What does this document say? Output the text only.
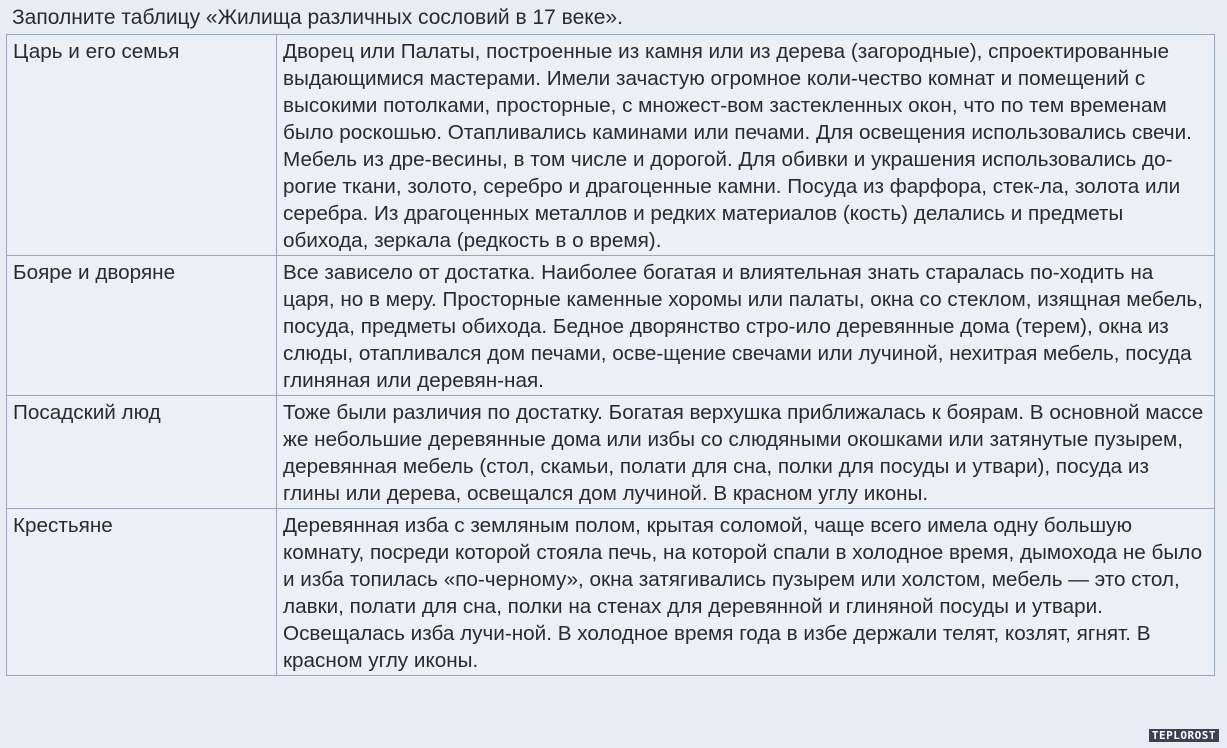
Заполните таблицу «Жилища различных сословий в 17 веке».
Царь и его семья	Дворец или Палаты, построенные из камня или из дерева (загородные), спроектированные выдающимися мастерами. Имели зачастую огромное коли-чество комнат и помещений с высокими потолками, просторные, с множест-вом застекленных окон, что по тем временам было роскошью. Отапливались каминами или печами. Для освещения использовались свечи. Мебель из дре-весины, в том числе и дорогой. Для обивки и украшения использовались до-рогие ткани, золото, серебро и драгоценные камни. Посуда из фарфора, стек-ла, золота или серебра. Из драгоценных металлов и редких материалов (кость) делались и предметы обихода, зеркала (редкость в о время).
Бояре и дворяне	Все зависело от достатка. Наиболее богатая и влиятельная знать старалась по-ходить на царя, но в меру. Просторные каменные хоромы или палаты, окна со стеклом, изящная мебель, посуда, предметы обихода. Бедное дворянство стро-ило деревянные дома (терем), окна из слюды, отапливался дом печами, осве-щение свечами или лучиной, нехитрая мебель, посуда глиняная или деревян-ная.
Посадский люд	Тоже были различия по достатку. Богатая верхушка приближалась к боярам. В основной массе же небольшие деревянные дома или избы со слюдяными окошками или затянутые пузырем, деревянная мебель (стол, скамьи, полати для сна, полки для посуды и утвари), посуда из глины или дерева, освещался дом лучиной. В красном углу иконы.
Крестьяне	Деревянная изба с земляным полом, крытая соломой, чаще всего имела одну большую комнату, посреди которой стояла печь, на которой спали в холодное время, дымохода не было и изба топилась «по-черному», окна затягивались пузырем или холстом, мебель — это стол, лавки, полати для сна, полки на стенах для деревянной и глиняной посуды и утвари. Освещалась изба лучи-ной. В холодное время года в избе держали телят, козлят, ягнят. В красном углу иконы.
TEPLOROST
